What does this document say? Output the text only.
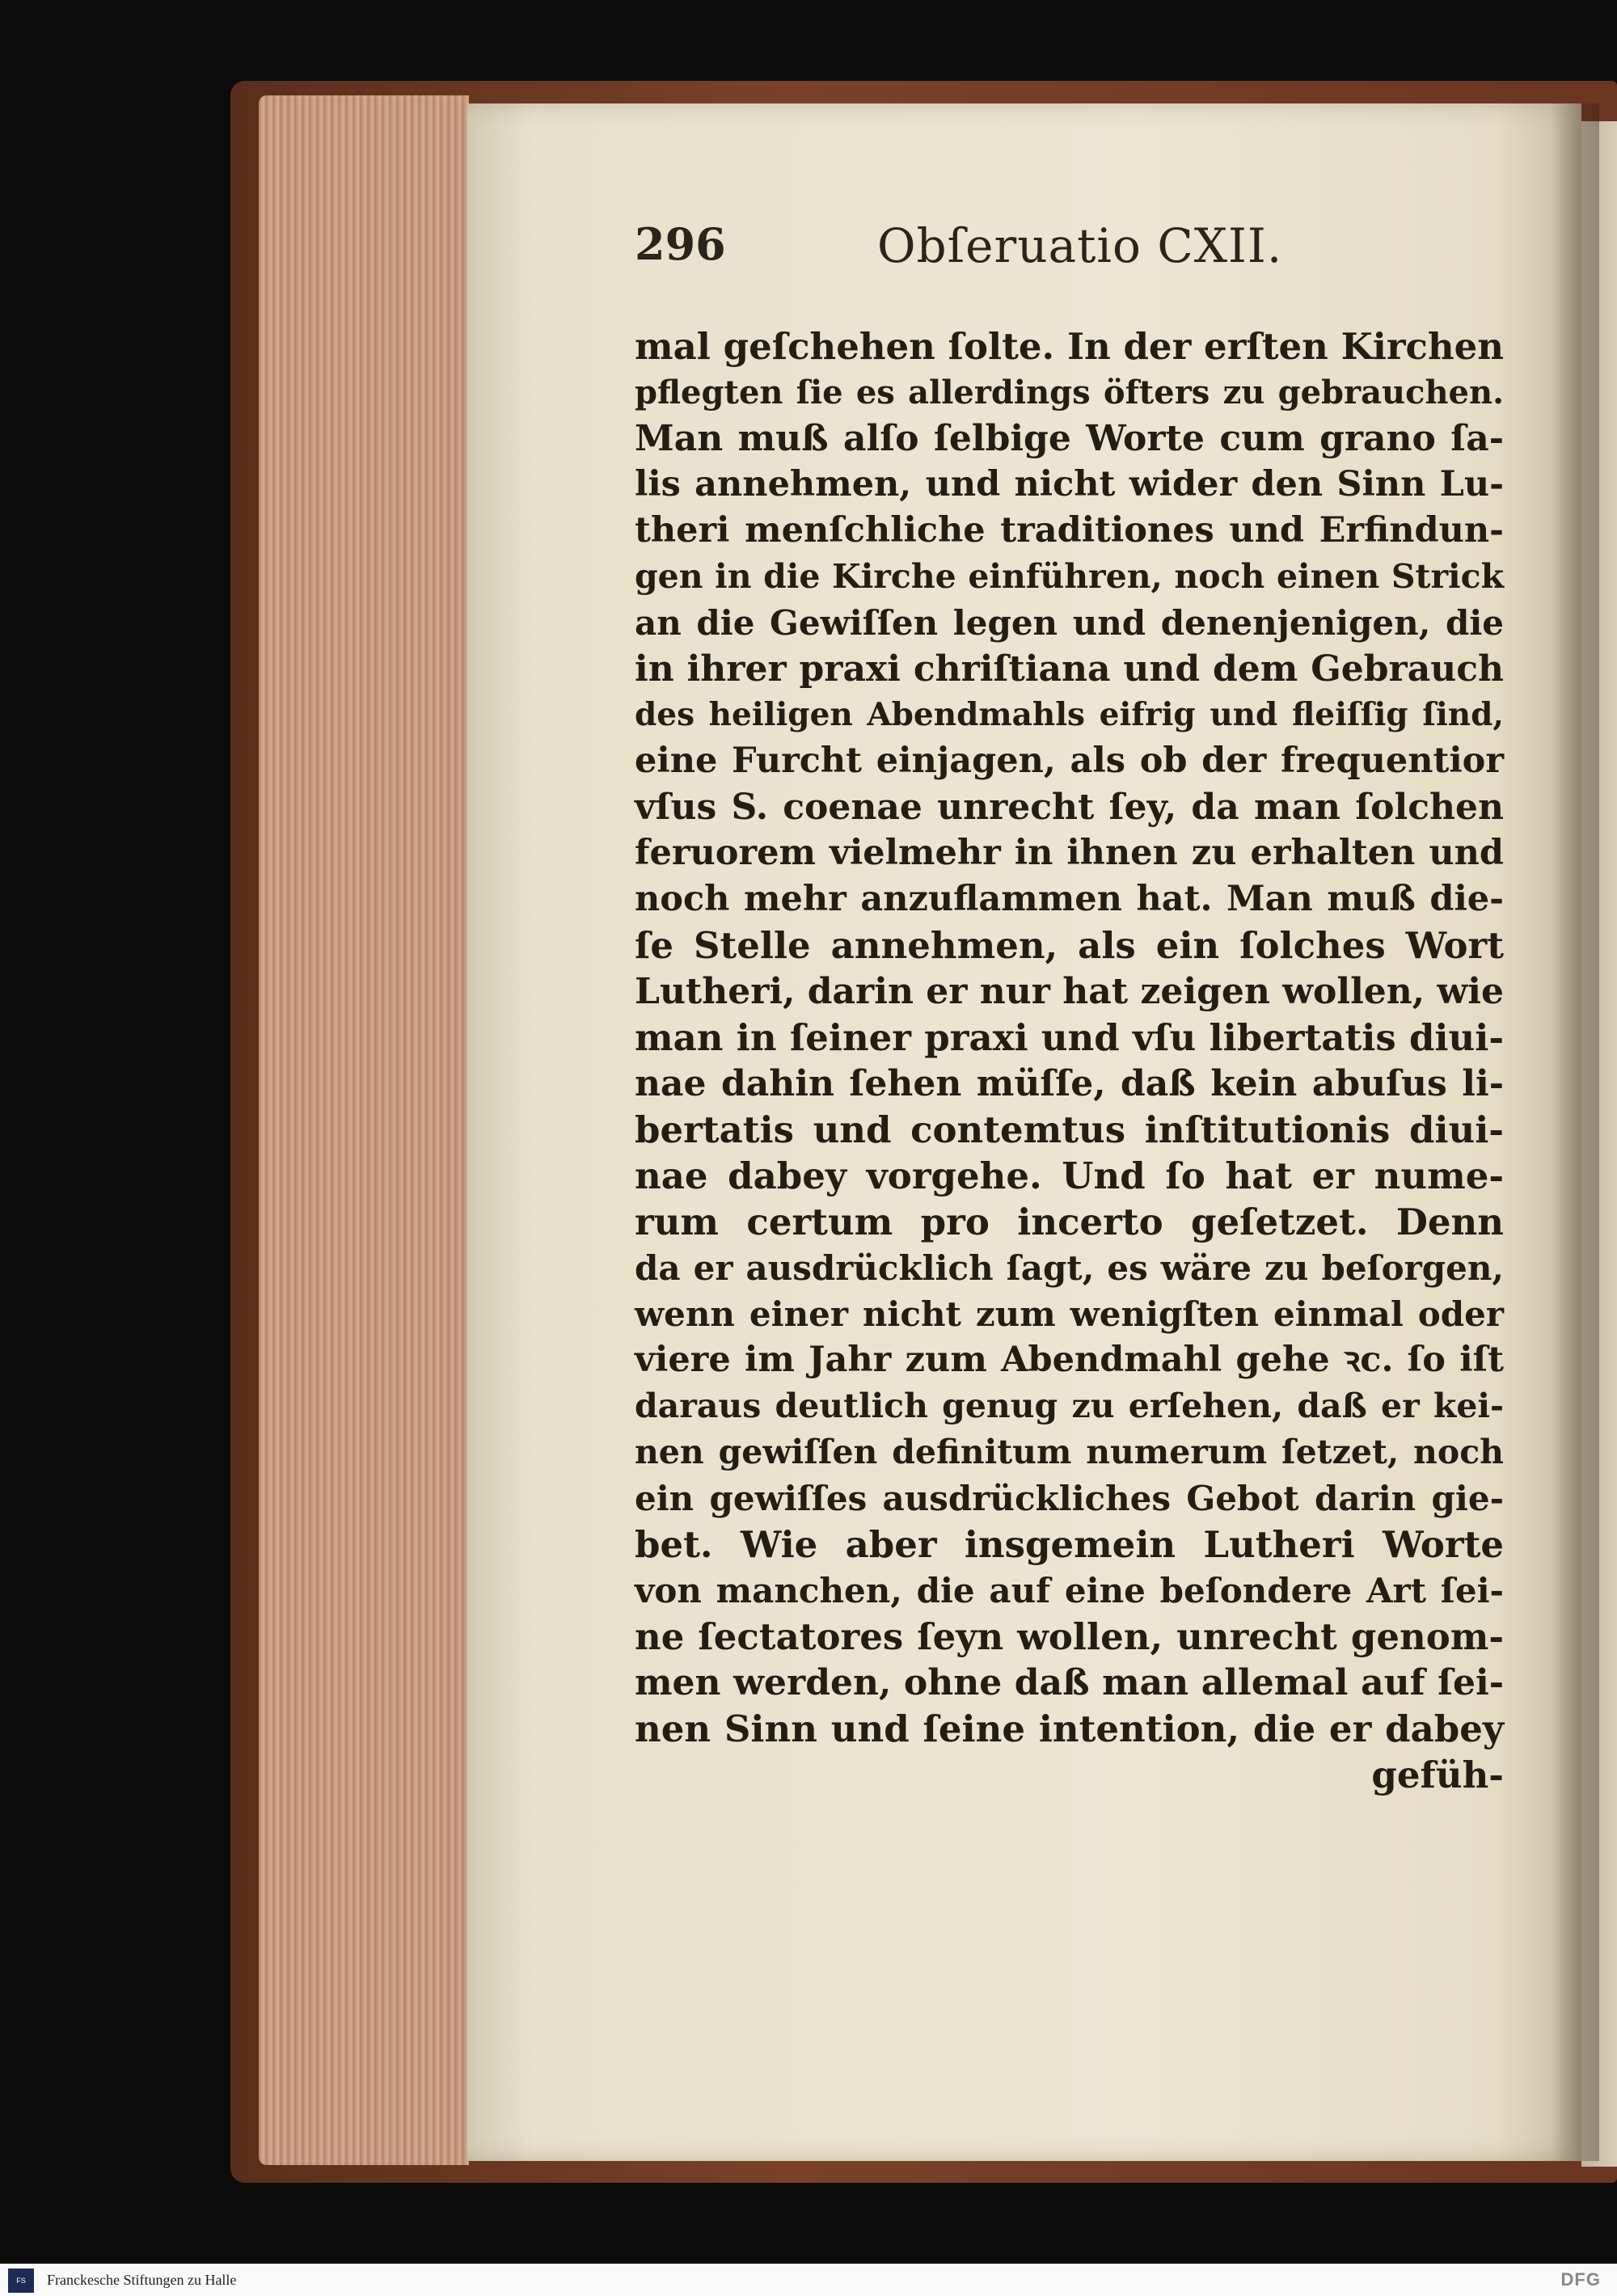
296	Obſeruatio CXII.
mal geſchehen ſolte. In der erſten Kirchen
pflegten ſie es allerdings öfters zu gebrauchen.
Man muß alſo ſelbige Worte cum grano ſa-
lis annehmen, und nicht wider den Sinn Lu-
theri menſchliche traditiones und Erfindun-
gen in die Kirche einführen, noch einen Strick
an die Gewiſſen legen und denenjenigen, die
in ihrer praxi chriſtiana und dem Gebrauch
des heiligen Abendmahls eifrig und fleiſſig ſind,
eine Furcht einjagen, als ob der frequentior
vſus S. coenae unrecht ſey, da man ſolchen
feruorem vielmehr in ihnen zu erhalten und
noch mehr anzuflammen hat. Man muß die-
ſe Stelle annehmen, als ein ſolches Wort
Lutheri, darin er nur hat zeigen wollen, wie
man in ſeiner praxi und vſu libertatis diui-
nae dahin ſehen müſſe, daß kein abuſus li-
bertatis und contemtus inſtitutionis diui-
nae dabey vorgehe. Und ſo hat er nume-
rum certum pro incerto geſetzet. Denn
da er ausdrücklich ſagt, es wäre zu beſorgen,
wenn einer nicht zum wenigſten einmal oder
viere im Jahr zum Abendmahl gehe ꝛc. ſo iſt
daraus deutlich genug zu erſehen, daß er kei-
nen gewiſſen definitum numerum ſetzet, noch
ein gewiſſes ausdrückliches Gebot darin gie-
bet. Wie aber insgemein Lutheri Worte
von manchen, die auf eine beſondere Art ſei-
ne ſectatores ſeyn wollen, unrecht genom-
men werden, ohne daß man allemal auf ſei-
nen Sinn und ſeine intention, die er dabey
gefüh-
FS	Franckesche Stiftungen zu Halle	DFG
